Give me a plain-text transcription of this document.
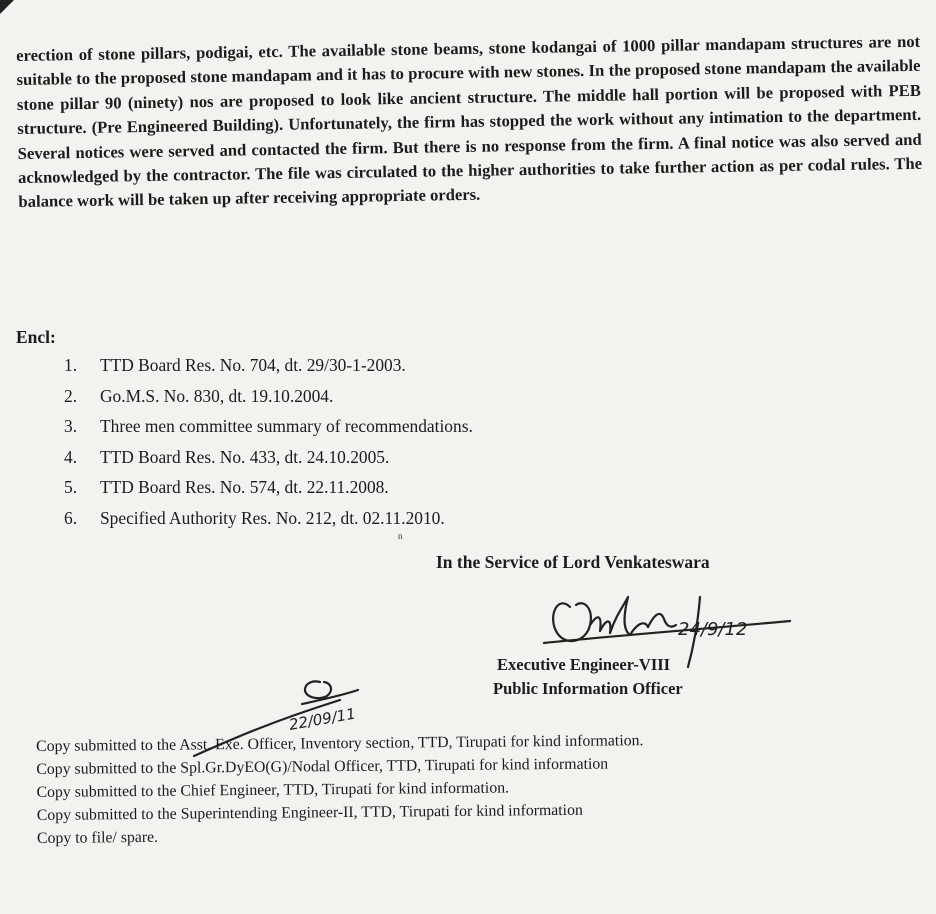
erection of stone pillars, podigai, etc. The available stone beams, stone kodangai of 1000 pillar mandapam structures are not suitable to the proposed stone mandapam and it has to procure with new stones. In the proposed stone mandapam the available stone pillar 90 (ninety) nos are proposed to look like ancient structure. The middle hall portion will be proposed with PEB structure. (Pre Engineered Building). Unfortunately, the firm has stopped the work without any intimation to the department. Several notices were served and contacted the firm. But there is no response from the firm. A final notice was also served and acknowledged by the contractor. The file was circulated to the higher authorities to take further action as per codal rules. The balance work will be taken up after receiving appropriate orders.

Encl:

1. TTD Board Res. No. 704, dt. 29/30-1-2003.
2. Go.M.S. No. 830, dt. 19.10.2004.
3. Three men committee summary of recommendations.
4. TTD Board Res. No. 433, dt. 24.10.2005.
5. TTD Board Res. No. 574, dt. 22.11.2008.
6. Specified Authority Res. No. 212, dt. 02.11.2010.
n

In the Service of Lord Venkateswara

24/9/12

Executive Engineer-VIII

Public Information Officer

22/09/11
Copy submitted to the Asst. Exe. Officer, Inventory section, TTD, Tirupati for kind information.
Copy submitted to the Spl.Gr.DyEO(G)/Nodal Officer, TTD, Tirupati for kind information
Copy submitted to the Chief Engineer, TTD, Tirupati for kind information.
Copy submitted to the Superintending Engineer-II, TTD, Tirupati for kind information
Copy to file/ spare.
